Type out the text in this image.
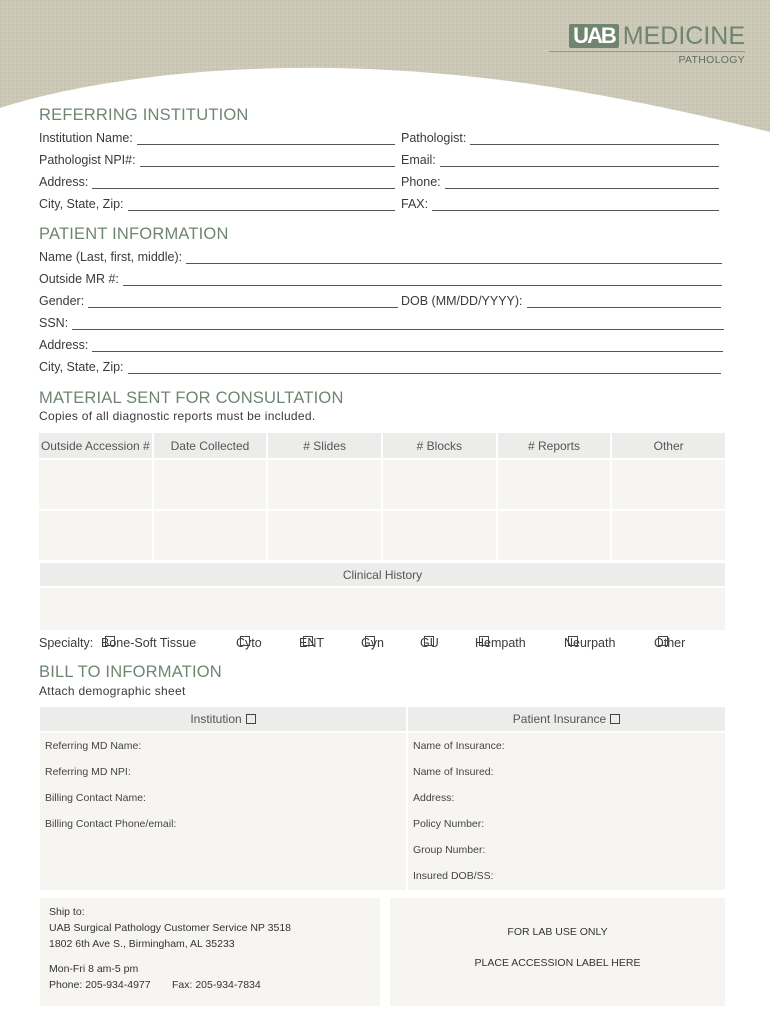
UAB MEDICINE
PATHOLOGY
REFERRING INSTITUTION
Institution Name:
Pathologist NPI#:
Address:
City, State, Zip:
Pathologist:
Email:
Phone:
FAX:
PATIENT INFORMATION
Name (Last, first, middle):
Outside MR #:
Gender:	DOB (MM/DD/YYYY):
SSN:
Address:
City, State, Zip:
MATERIAL SENT FOR CONSULTATION
Copies of all diagnostic reports must be included.
Outside Accession #	Date Collected	# Slides	# Blocks	# Reports	Other
Clinical History
Specialty: Bone-Soft Tissue	Cyto	ENT	Gyn	GU	Hempath	Neurpath	Other
BILL TO INFORMATION
Attach demographic sheet
Institution	Patient Insurance
Referring MD Name:
Referring MD NPI:
Billing Contact Name:
Billing Contact Phone/email:
Name of Insurance:
Name of Insured:
Address:
Policy Number:
Group Number:
Insured DOB/SS:
Ship to:
UAB Surgical Pathology Customer Service NP 3518
1802 6th Ave S., Birmingham, AL 35233
Mon-Fri 8 am-5 pm
Phone: 205-934-4977 Fax: 205-934-7834
FOR LAB USE ONLY
PLACE ACCESSION LABEL HERE
